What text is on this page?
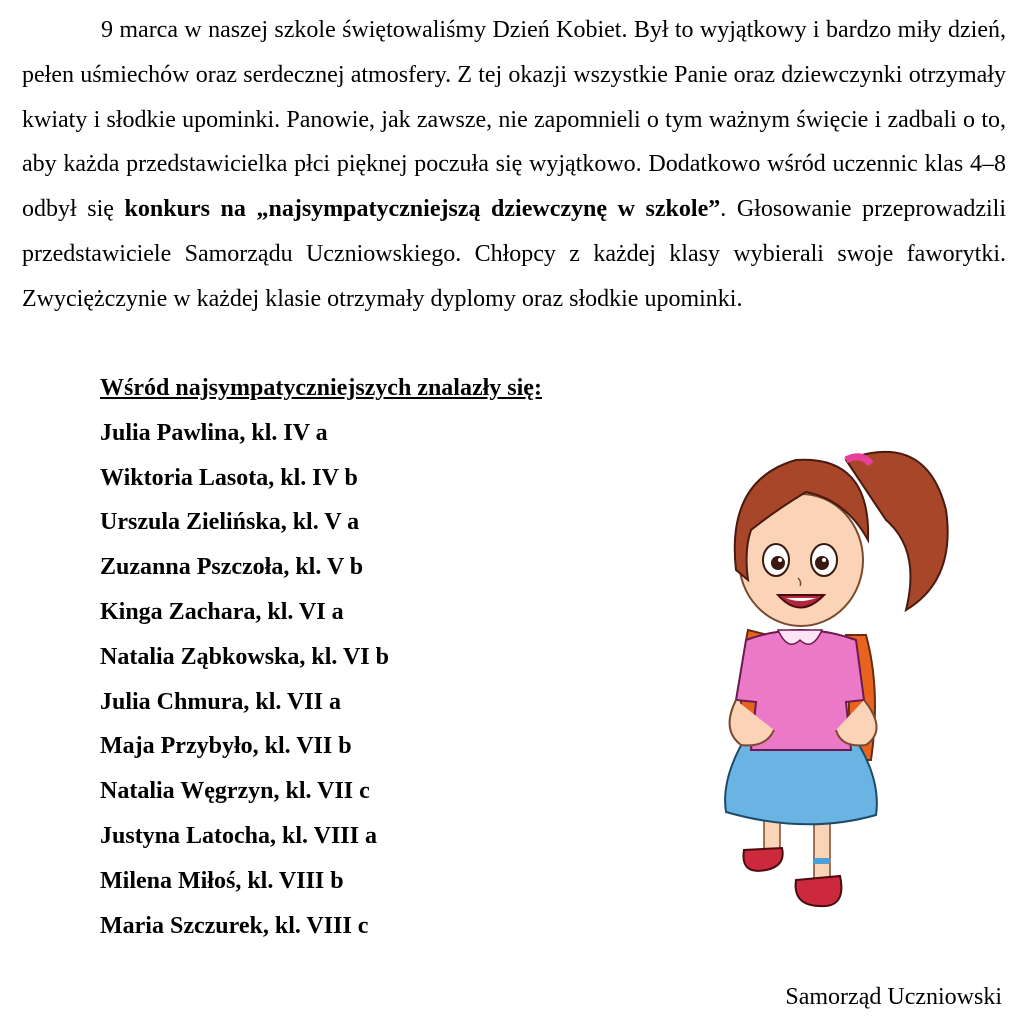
9 marca w naszej szkole świętowaliśmy Dzień Kobiet. Był to wyjątkowy i bardzo miły dzień, pełen uśmiechów oraz serdecznej atmosfery. Z tej okazji wszystkie Panie oraz dziewczynki otrzymały kwiaty i słodkie upominki. Panowie, jak zawsze, nie zapomnieli o tym ważnym święcie i zadbali o to, aby każda przedstawicielka płci pięknej poczuła się wyjątkowo. Dodatkowo wśród uczennic klas 4–8 odbył się konkurs na „najsympatyczniejszą dziewczynę w szkole”. Głosowanie przeprowadzili przedstawiciele Samorządu Uczniowskiego. Chłopcy z każdej klasy wybierali swoje faworytki. Zwyciężczynie w każdej klasie otrzymały dyplomy oraz słodkie upominki.

Wśród najsympatyczniejszych znalazły się:

Julia Pawlina, kl. IV a
Wiktoria Lasota, kl. IV b
Urszula Zielińska, kl. V a
Zuzanna Pszczoła, kl. V b
Kinga Zachara, kl. VI a
Natalia Ząbkowska, kl. VI b
Julia Chmura, kl. VII a
Maja Przybyło, kl. VII b
Natalia Węgrzyn, kl. VII c
Justyna Latocha, kl. VIII a
Milena Miłoś, kl. VIII b
Maria Szczurek, kl. VIII c

Samorząd Uczniowski
